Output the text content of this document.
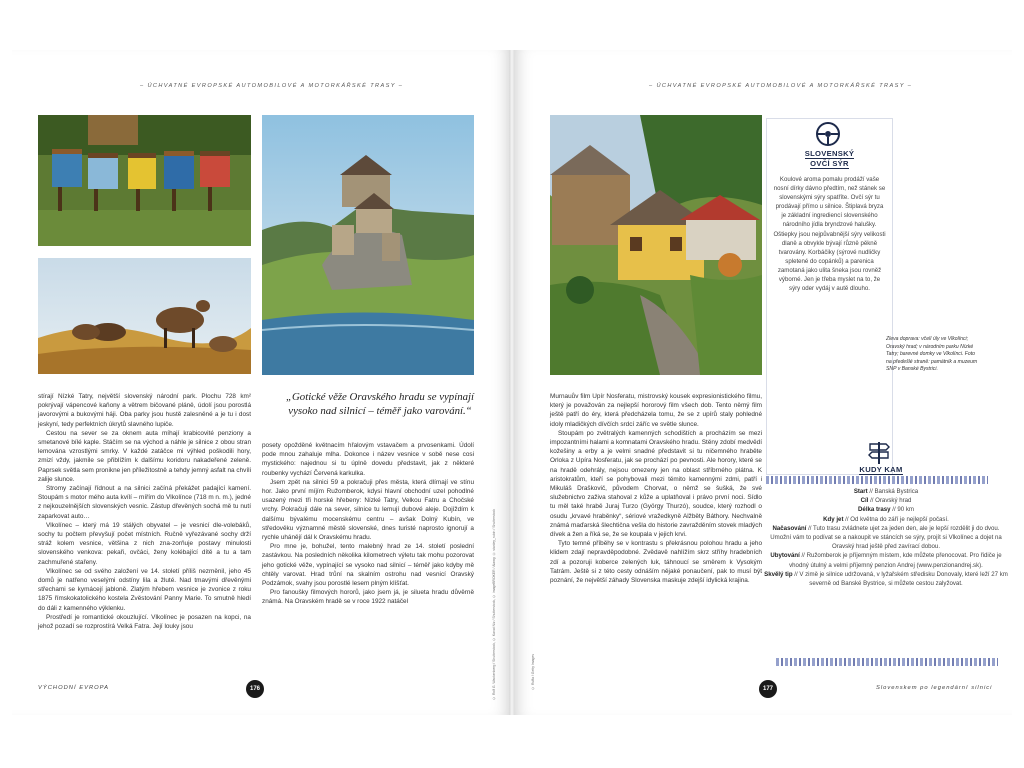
– ÚCHVATNÉ EVROPSKÉ AUTOMOBILOVÉ A MOTORKÁŘSKÉ TRASY –

stírají Nízké Tatry, největší slovenský národní park. Plochu 728 km² pokrývají vápencové kaňony a větrem bičované pláně, údolí jsou porostlá javorovými a bukovými háji. Oba parky jsou hustě zalesněné a je tu i dost jeskyní, tedy perfektních úkrytů slavného lupiče.

Cestou na sever se za oknem auta míhají krabicovité penziony a smetanové bílé kaple. Stáčím se na východ a náhle je silnice z obou stran lemována vzrostlými smrky. V každé zatáčce mi výhled poškodili hory, zmizí vždy, jakmile se přiblížím k dalšímu koridoru nakadeřené zeleně. Paprsek světla sem pronikne jen příležitostně a tehdy jemný asfalt na chvíli zalije slunce.

Stromy začínají řídnout a na silnici začíná překážet padající kamení. Stoupám s motor mého auta kvílí – mířím do Vlkolínce (718 m n. m.), jedné z nejkouzelnějších slovenských vesnic. Zástup dřevěných sochá mě tu nutí zaparkovat auto…

Vlkolínec – který má 19 stálých obyvatel – je vesnicí dle-volebáků, sochy tu počtem převyšují počet místních. Ručně vyřezávané sochy drží stráž kolem vesnice, většina z nich zna-zorňuje postavy minulosti slovenského venkova: pekaři, ovčáci, ženy kolébající dítě a tu a tam zachmuřené stařeny.

Vlkolínec se od svého založení ve 14. století příliš nezměnil, jeho 45 domů je natřeno veselými odstíny lila a žluté. Nad tmavými dřevěnými střechami se kymácejí jabloně. Zlatým hřebem vesnice je zvonice z roku 1875 římskokatolického kostela Zvěstování Panny Marie. To smutně hledí do dáli z kamenného výklenku.

Prostředí je romantické okouzlující. Vlkolínec je posazen na kopci, na jehož pozadí se rozprostírá Velká Fatra. Její louky jsou

„Gotické věže Oravského hradu se vypínají vysoko nad silnicí – téměř jako varování.“

posety opožděné květnacím hřalovým vstavačem a prvosenkami. Údolí pode mnou zahaluje mlha. Dokonce i název vesnice v sobě nese cosi mystického: najednou si tu úplně dovedu představit, jak z některé roubenky vychází Červená karkulka.

Jsem zpět na silnici 59 a pokračuji přes města, která dlímají ve stínu hor. Jako první míjím Ružomberok, kdysi hlavní obchodní uzel pohodlné usazený mezi tři horské hřebeny: Nízké Tatry, Velkou Fatru a Chočské vrchy. Pokračuji dále na sever, silnice tu lemují dubové aleje. Dojíždím k dalšímu bývalému mocenskému centru – avšak Dolný Kubín, ve středověku významné městě slovenské, dnes turisté naprosto ignorují a rychle uhánějí dál k Oravskému hradu.

Pro mne je, bohužel, tento malebný hrad ze 14. století poslední zastávkou. Na posledních několika kilometrech výletu tak mohu pozorovat jeho gotické věže, vypínající se vysoko nad silnicí – téměř jako kdyby mě chtěly varovat. Hrad trůní na skalním ostrohu nad vesnicí Oravský Podzámok, svahy jsou porostlé lesem plným klíšťat.

Pro fanoušky filmových hororů, jako jsem já, je silueta hradu důvěrně známá. Na Oravském hradě se v roce 1922 natáčel	© Rolf G. Wackenberg / Shutterstock, © Kanat Niz / Shutterstock, © imageBROKER / Alamy, © stanley_rubin / Shutterstock
VÝCHODNÍ EVROPA	176
– ÚCHVATNÉ EVROPSKÉ AUTOMOBILOVÉ A MOTORKÁŘSKÉ TRASY –

Murnauův film Upír Nosferatu, mistrovský kousek expresionistického filmu, který je považován za nejlepší hororový film všech dob. Tento němý film ještě patří do éry, která předcházela tomu, že se z upírů staly pohledné idoly mladičkých dívčích srdcí záříc ve světle slunce.

Stoupám po zvětralých kamenných schodištích a procházím se mezi impozantními halami a komnatami Oravského hradu. Stěny zdobí medvědí kožešiny a erby a je velmi snadné představit si tu ničemného hraběte Orloka z Upíra Nosferatu, jak se prochází po pevnosti. Ale horory, které se na hradě odehrály, nejsou omezeny jen na oblast stříbrného plátna. K aristokratům, kteří se pohybovali mezi těmito kamennými zdmi, patří i Mikuláš Draškovič, původem Chorvat, o němž se šušká, že své služebnictvo zaživa stahoval z kůže a uplatňoval i právo první noci. Sídlo tu měl také hrabě Juraj Turzo (György Thurzó), soudce, který rozhodl o osudu „krvavé hraběnky“, sériové vražedkyně Alžběty Báthory. Nechvalně známá maďarská šlechtična vešla do historie zavražděním stovek mladých dívek a žen a říká se, že se koupala v jejich krvi.

Tyto temné příběhy se v kontrastu s překrásnou polohou hradu a jeho klidem zdají nepravděpodobné. Zvědavě nahlížím skrz stříhy hradebních zdí a pozoruji koberce zelených luk, táhnoucí se směrem k Vysokým Tatrám. Ještě si z této cesty odnáším nějaké ponaučení, pak to musí být poznání, že největší záhady Slovenska maskuje zdejší idylická krajina.

© Ruffa / Getty Images
SLOVENSKÝ
OVČÍ SÝR
Koulové aroma pomalu prodáží vaše nosní dírky dávno předtím, než stánek se slovenskými sýry spatříte. Ovčí sýr tu prodávají přímo u silnice. Štiplavá bryza je základní ingrediencí slovenského národního jídla bryndzové halušky. Oštiepky jsou nejpůvabnější sýry velikosti dlaně a obvykle bývají různě pěkně tvarovány. Korbáčiky (sýrové nudličky spletené do copánků) a parenica zamotaná jako ulita šneka jsou rovněž výborné. Jen je třeba myslet na to, že sýry oder vydáj v autě dlouho.
Zleva doprava: včelí úly ve Vlkolínci; Oravský hrad; v národním parku Nízké Tatry; barevné domky ve Vlkolínci. Foto na předešlé straně: památník a muzeum SNP v Banské Bystrici.
KUDY KAM
Start // Banská Bystrica
Cíl // Oravský hrad
Délka trasy // 90 km
Kdy jet // Od května do září je nejlepší počasí.
Načasování // Tuto trasu zvládnete ujet za jeden den, ale je lepší rozdělit ji do dvou. Umožní vám to podívat se a nakoupit ve stáncích se sýry, projít si Vlkolínec a dojet na Oravský hrad ještě před zavírací dobou.
Ubytování // Ružomberok je příjemným místem, kde můžete přenocovat. Pro řidiče je vhodný útulný a velmi příjemný penzion Andrej (www.penzionandrej.sk).
Skvělý tip // V zimě je silnice udržovaná, v lyžařském středisku Donovaly, které leží 27 km severně od Banské Bystrice, si můžete cestou zalyžovat.
177	Slovenskem po legendární silnici
